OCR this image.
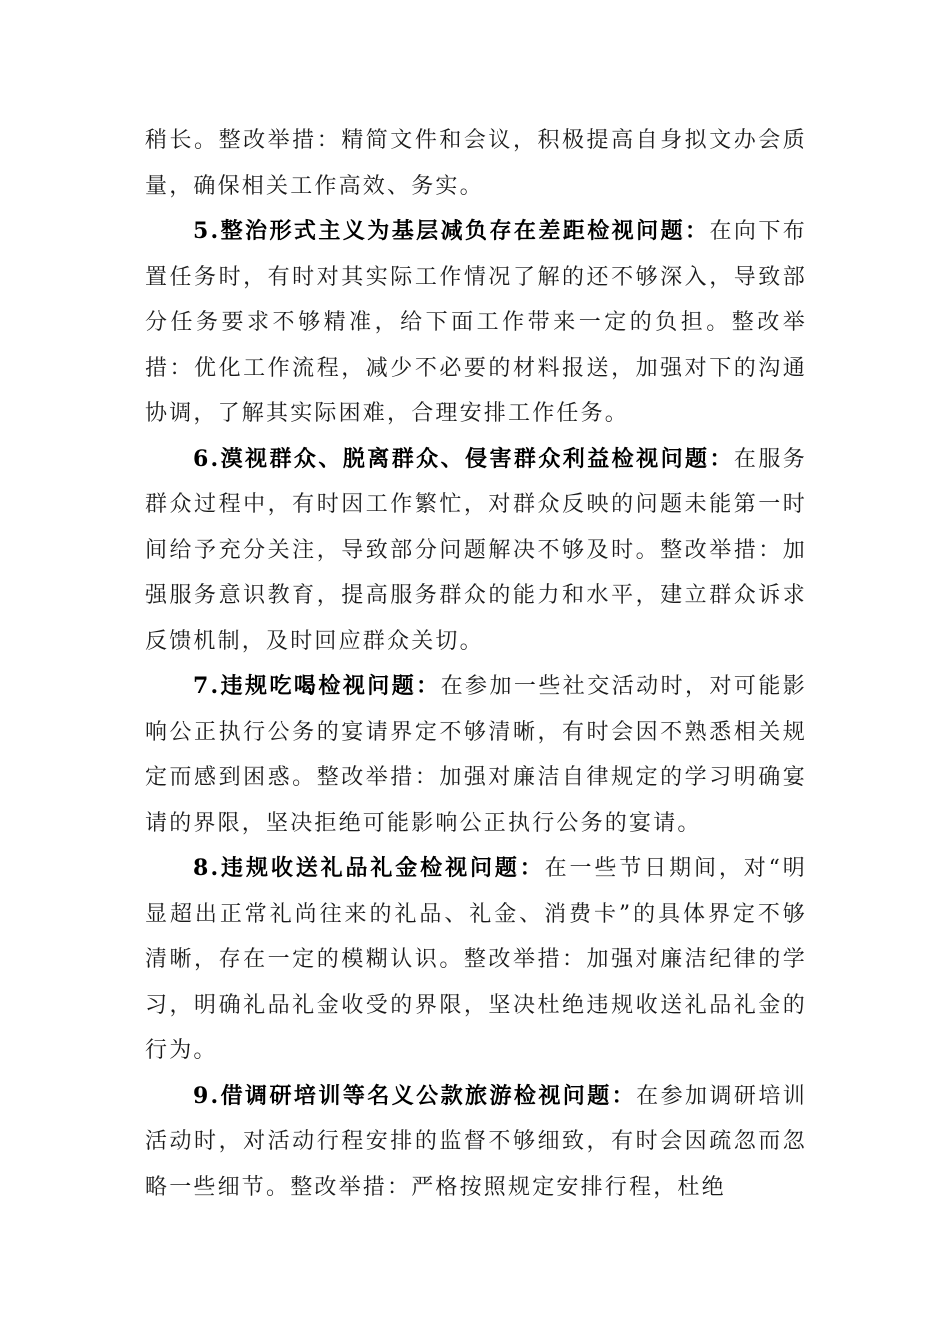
稍长。整改举措：精简文件和会议，积极提高自身拟文办会质量，确保相关工作高效、务实。

5.整治形式主义为基层减负存在差距检视问题：在向下布置任务时，有时对其实际工作情况了解的还不够深入，导致部分任务要求不够精准，给下面工作带来一定的负担。整改举措：优化工作流程，减少不必要的材料报送，加强对下的沟通协调，了解其实际困难，合理安排工作任务。

6.漠视群众、脱离群众、侵害群众利益检视问题：在服务群众过程中，有时因工作繁忙，对群众反映的问题未能第一时间给予充分关注，导致部分问题解决不够及时。整改举措：加强服务意识教育，提高服务群众的能力和水平，建立群众诉求反馈机制，及时回应群众关切。

7.违规吃喝检视问题：在参加一些社交活动时，对可能影响公正执行公务的宴请界定不够清晰，有时会因不熟悉相关规定而感到困惑。整改举措：加强对廉洁自律规定的学习明确宴请的界限，坚决拒绝可能影响公正执行公务的宴请。

8.违规收送礼品礼金检视问题：在一些节日期间，对“明显超出正常礼尚往来的礼品、礼金、消费卡”的具体界定不够清晰，存在一定的模糊认识。整改举措：加强对廉洁纪律的学习，明确礼品礼金收受的界限，坚决杜绝违规收送礼品礼金的行为。

9.借调研培训等名义公款旅游检视问题：在参加调研培训活动时，对活动行程安排的监督不够细致，有时会因疏忽而忽略一些细节。整改举措：严格按照规定安排行程，杜绝
